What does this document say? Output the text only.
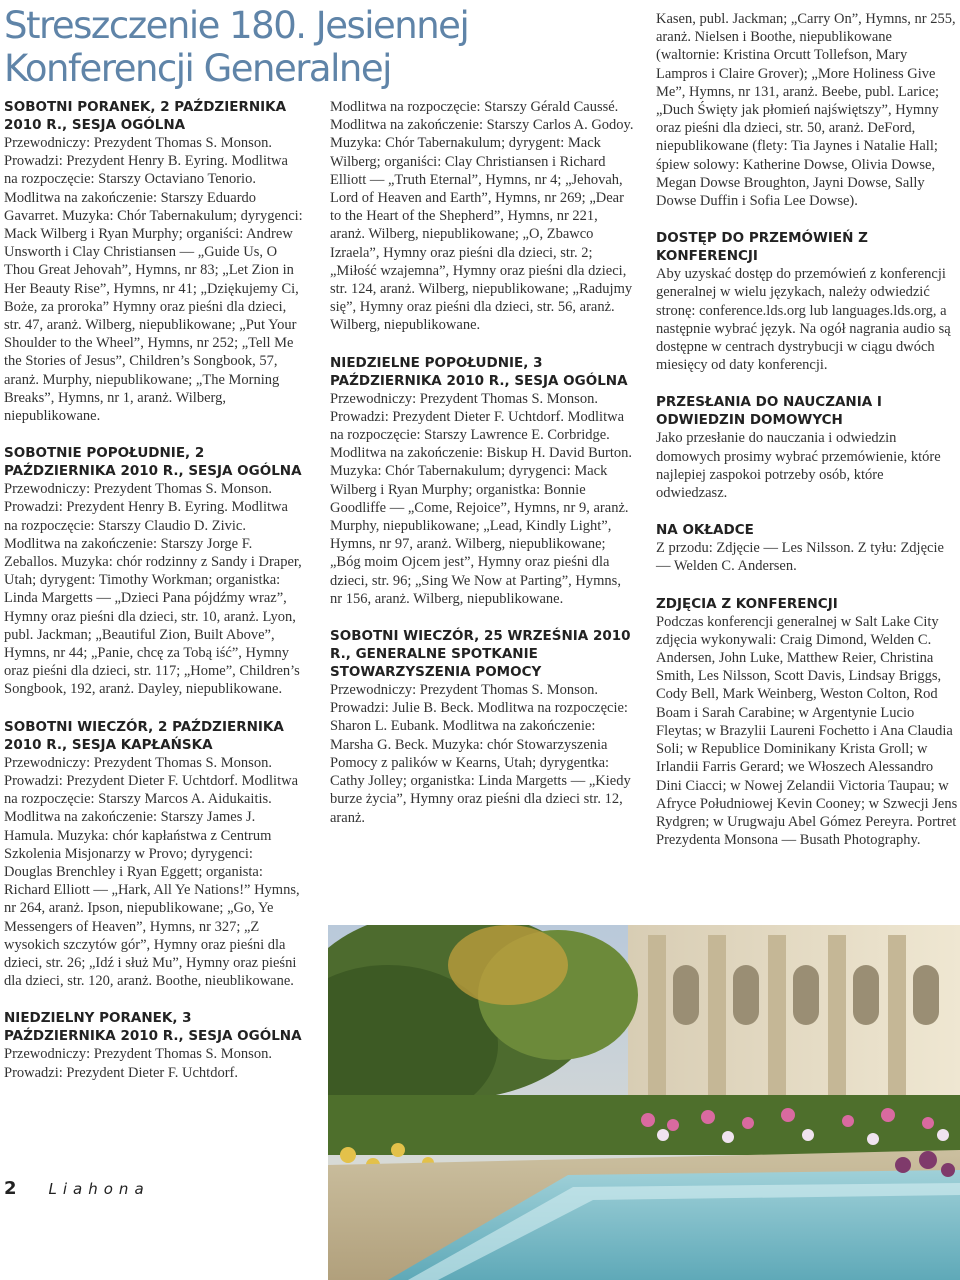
Streszczenie 180. Jesiennej Konferencji Generalnej
SOBOTNI PORANEK, 2 PAŹDZIERNIKA 2010 R., SESJA OGÓLNA

Przewodniczy: Prezydent Thomas S. Monson. Prowadzi: Prezydent Henry B. Eyring. Modlitwa na rozpoczęcie: Starszy Octaviano Tenorio. Modlitwa na zakończenie: Starszy Eduardo Gavarret. Muzyka: Chór Tabernakulum; dyrygenci: Mack Wilberg i Ryan Murphy; organiści: Andrew Unsworth i Clay Christiansen — „Guide Us, O Thou Great Jehovah”, Hymns, nr 83; „Let Zion in Her Beauty Rise”, Hymns, nr 41; „Dziękujemy Ci, Boże, za proroka” Hymny oraz pieśni dla dzieci, str. 47, aranż. Wilberg, niepublikowane; „Put Your Shoulder to the Wheel”, Hymns, nr 252; „Tell Me the Stories of Jesus”, Children’s Songbook, 57, aranż. Murphy, niepublikowane; „The Morning Breaks”, Hymns, nr 1, aranż. Wilberg, niepublikowane.

SOBOTNIE POPOŁUDNIE, 2 PAŹDZIERNIKA 2010 R., SESJA OGÓLNA

Przewodniczy: Prezydent Thomas S. Monson. Prowadzi: Prezydent Henry B. Eyring. Modlitwa na rozpoczęcie: Starszy Claudio D. Zivic. Modlitwa na zakończenie: Starszy Jorge F. Zeballos. Muzyka: chór rodzinny z Sandy i Draper, Utah; dyrygent: Timothy Workman; organistka: Linda Margetts — „Dzieci Pana pójdźmy wraz”, Hymny oraz pieśni dla dzieci, str. 10, aranż. Lyon, publ. Jackman; „Beautiful Zion, Built Above”, Hymns, nr 44; „Panie, chcę za Tobą iść”, Hymny oraz pieśni dla dzieci, str. 117; „Home”, Children’s Songbook, 192, aranż. Dayley, niepublikowane.

SOBOTNI WIECZÓR, 2 PAŹDZIERNIKA 2010 R., SESJA KAPŁAŃSKA

Przewodniczy: Prezydent Thomas S. Monson. Prowadzi: Prezydent Dieter F. Uchtdorf. Modlitwa na rozpoczęcie: Starszy Marcos A. Aidukaitis. Modlitwa na zakończenie: Starszy James J. Hamula. Muzyka: chór kapłaństwa z Centrum Szkolenia Misjonarzy w Provo; dyrygenci: Douglas Brenchley i Ryan Eggett; organista: Richard Elliott — „Hark, All Ye Nations!” Hymns, nr 264, aranż. Ipson, niepublikowane; „Go, Ye Messengers of Heaven”, Hymns, nr 327; „Z wysokich szczytów gór”, Hymny oraz pieśni dla dzieci, str. 26; „Idź i służ Mu”, Hymny oraz pieśni dla dzieci, str. 120, aranż. Boothe, nieublikowane.

NIEDZIELNY PORANEK, 3 PAŹDZIERNIKA 2010 R., SESJA OGÓLNA

Przewodniczy: Prezydent Thomas S. Monson. Prowadzi: Prezydent Dieter F. Uchtdorf.

Modlitwa na rozpoczęcie: Starszy Gérald Caussé. Modlitwa na zakończenie: Starszy Carlos A. Godoy. Muzyka: Chór Tabernakulum; dyrygent: Mack Wilberg; organiści: Clay Christiansen i Richard Elliott — „Truth Eternal”, Hymns, nr 4; „Jehovah, Lord of Heaven and Earth”, Hymns, nr 269; „Dear to the Heart of the Shepherd”, Hymns, nr 221, aranż. Wilberg, niepublikowane; „O, Zbawco Izraela”, Hymny oraz pieśni dla dzieci, str. 2; „Miłość wzajemna”, Hymny oraz pieśni dla dzieci, str. 124, aranż. Wilberg, niepublikowane; „Radujmy się”, Hymny oraz pieśni dla dzieci, str. 56, aranż. Wilberg, niepublikowane.

NIEDZIELNE POPOŁUDNIE, 3 PAŹDZIERNIKA 2010 R., SESJA OGÓLNA

Przewodniczy: Prezydent Thomas S. Monson. Prowadzi: Prezydent Dieter F. Uchtdorf. Modlitwa na rozpoczęcie: Starszy Lawrence E. Corbridge. Modlitwa na zakończenie: Biskup H. David Burton. Muzyka: Chór Tabernakulum; dyrygenci: Mack Wilberg i Ryan Murphy; organistka: Bonnie Goodliffe — „Come, Rejoice”, Hymns, nr 9, aranż. Murphy, niepublikowane; „Lead, Kindly Light”, Hymns, nr 97, aranż. Wilberg, niepublikowane; „Bóg moim Ojcem jest”, Hymny oraz pieśni dla dzieci, str. 96; „Sing We Now at Parting”, Hymns, nr 156, aranż. Wilberg, niepublikowane.

SOBOTNI WIECZÓR, 25 WRZEŚNIA 2010 R., GENERALNE SPOTKANIE STOWARZYSZENIA POMOCY

Przewodniczy: Prezydent Thomas S. Monson. Prowadzi: Julie B. Beck. Modlitwa na rozpoczęcie: Sharon L. Eubank. Modlitwa na zakończenie: Marsha G. Beck. Muzyka: chór Stowarzyszenia Pomocy z palików w Kearns, Utah; dyrygentka: Cathy Jolley; organistka: Linda Margetts — „Kiedy burze życia”, Hymny oraz pieśni dla dzieci str. 12, aranż.

Kasen, publ. Jackman; „Carry On”, Hymns, nr 255, aranż. Nielsen i Boothe, niepublikowane (waltornie: Kristina Orcutt Tollefson, Mary Lampros i Claire Grover); „More Holiness Give Me”, Hymns, nr 131, aranż. Beebe, publ. Larice; „Duch Święty jak płomień najświętszy”, Hymny oraz pieśni dla dzieci, str. 50, aranż. DeFord, niepublikowane (flety: Tia Jaynes i Natalie Hall; śpiew solowy: Katherine Dowse, Olivia Dowse, Megan Dowse Broughton, Jayni Dowse, Sally Dowse Duffin i Sofia Lee Dowse).

DOSTĘP DO PRZEMÓWIEŃ Z KONFERENCJI

Aby uzyskać dostęp do przemówień z konferencji generalnej w wielu językach, należy odwiedzić stronę: conference.lds.org lub languages.lds.org, a następnie wybrać język. Na ogół nagrania audio są dostępne w centrach dystrybucji w ciągu dwóch miesięcy od daty konferencji.

PRZESŁANIA DO NAUCZANIA I ODWIEDZIN DOMOWYCH

Jako przesłanie do nauczania i odwiedzin domowych prosimy wybrać przemówienie, które najlepiej zaspokoi potrzeby osób, które odwiedzasz.

NA OKŁADCE

Z przodu: Zdjęcie — Les Nilsson. Z tyłu: Zdjęcie — Welden C. Andersen.

ZDJĘCIA Z KONFERENCJI

Podczas konferencji generalnej w Salt Lake City zdjęcia wykonywali: Craig Dimond, Welden C. Andersen, John Luke, Matthew Reier, Christina Smith, Les Nilsson, Scott Davis, Lindsay Briggs, Cody Bell, Mark Weinberg, Weston Colton, Rod Boam i Sarah Carabine; w Argentynie Lucio Fleytas; w Brazylii Laureni Fochetto i Ana Claudia Soli; w Republice Dominikany Krista Groll; w Irlandii Farris Gerard; we Włoszech Alessandro Dini Ciacci; w Nowej Zelandii Victoria Taupau; w Afryce Południowej Kevin Cooney; w Szwecji Jens Rydgren; w Urugwaju Abel Gómez Pereyra. Portret Prezydenta Monsona — Busath Photography.

2 Liahona
